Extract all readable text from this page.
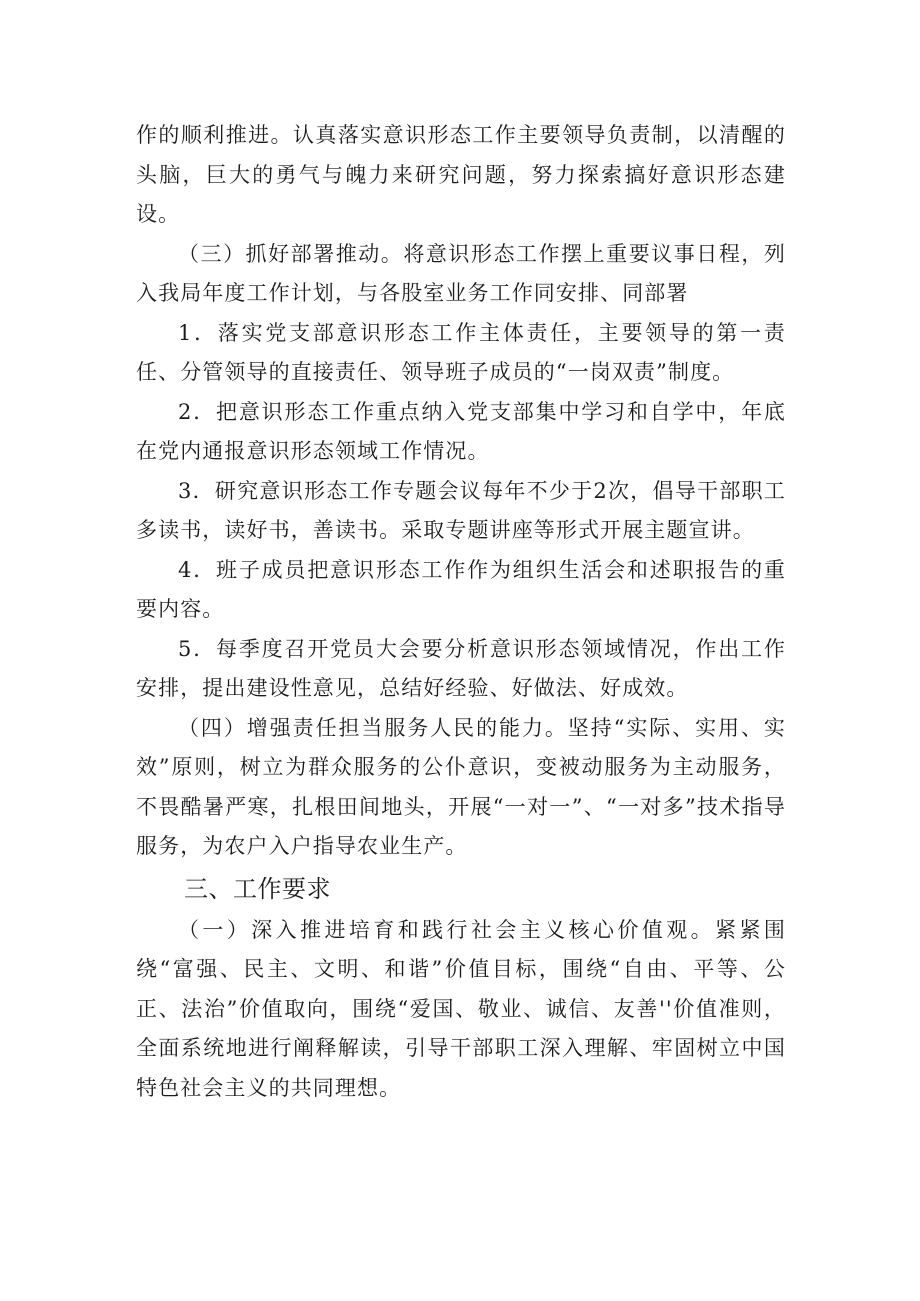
作的顺利推进。认真落实意识形态工作主要领导负责制，以清醒的头脑，巨大的勇气与魄力来研究问题，努力探索搞好意识形态建设。

（三）抓好部署推动。将意识形态工作摆上重要议事日程，列入我局年度工作计划，与各股室业务工作同安排、同部署

1．落实党支部意识形态工作主体责任，主要领导的第一责任、分管领导的直接责任、领导班子成员的“一岗双责”制度。

2．把意识形态工作重点纳入党支部集中学习和自学中，年底在党内通报意识形态领域工作情况。

3．研究意识形态工作专题会议每年不少于2次，倡导干部职工多读书，读好书，善读书。采取专题讲座等形式开展主题宣讲。

4．班子成员把意识形态工作作为组织生活会和述职报告的重要内容。

5．每季度召开党员大会要分析意识形态领域情况，作出工作安排，提出建设性意见，总结好经验、好做法、好成效。

（四）增强责任担当服务人民的能力。坚持“实际、实用、实效”原则，树立为群众服务的公仆意识，变被动服务为主动服务，不畏酷暑严寒，扎根田间地头，开展“一对一”、“一对多”技术指导服务，为农户入户指导农业生产。

三、工作要求

（一）深入推进培育和践行社会主义核心价值观。紧紧围绕“富强、民主、文明、和谐”价值目标，围绕“自由、平等、公正、法治”价值取向，围绕“爱国、敬业、诚信、友善''价值准则，全面系统地进行阐释解读，引导干部职工深入理解、牢固树立中国特色社会主义的共同理想。
